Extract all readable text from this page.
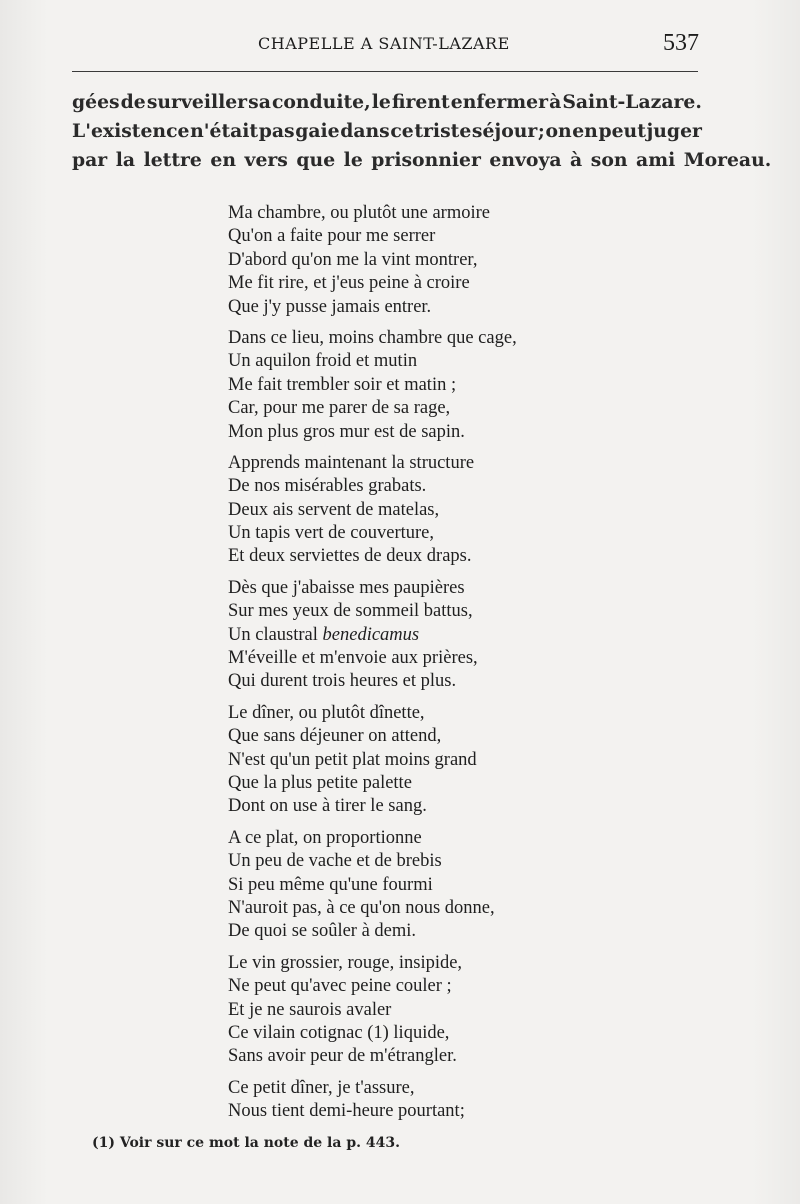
CHAPELLE A SAINT-LAZARE	537
gées de surveiller sa conduite, le firent enfermer à Saint-Lazare.
L'existence n'était pas gaie dans ce triste séjour ; on en peut juger
par la lettre en vers que le prisonnier envoya à son ami Moreau.
Ma chambre, ou plutôt une armoire
Qu'on a faite pour me serrer
D'abord qu'on me la vint montrer,
Me fit rire, et j'eus peine à croire
Que j'y pusse jamais entrer.
Dans ce lieu, moins chambre que cage,
Un aquilon froid et mutin
Me fait trembler soir et matin ;
Car, pour me parer de sa rage,
Mon plus gros mur est de sapin.
Apprends maintenant la structure
De nos misérables grabats.
Deux ais servent de matelas,
Un tapis vert de couverture,
Et deux serviettes de deux draps.
Dès que j'abaisse mes paupières
Sur mes yeux de sommeil battus,
Un claustral benedicamus
M'éveille et m'envoie aux prières,
Qui durent trois heures et plus.
Le dîner, ou plutôt dînette,
Que sans déjeuner on attend,
N'est qu'un petit plat moins grand
Que la plus petite palette
Dont on use à tirer le sang.
A ce plat, on proportionne
Un peu de vache et de brebis
Si peu même qu'une fourmi
N'auroit pas, à ce qu'on nous donne,
De quoi se soûler à demi.
Le vin grossier, rouge, insipide,
Ne peut qu'avec peine couler ;
Et je ne saurois avaler
Ce vilain cotignac (1) liquide,
Sans avoir peur de m'étrangler.
Ce petit dîner, je t'assure,
Nous tient demi-heure pourtant;
(1) Voir sur ce mot la note de la p. 443.
